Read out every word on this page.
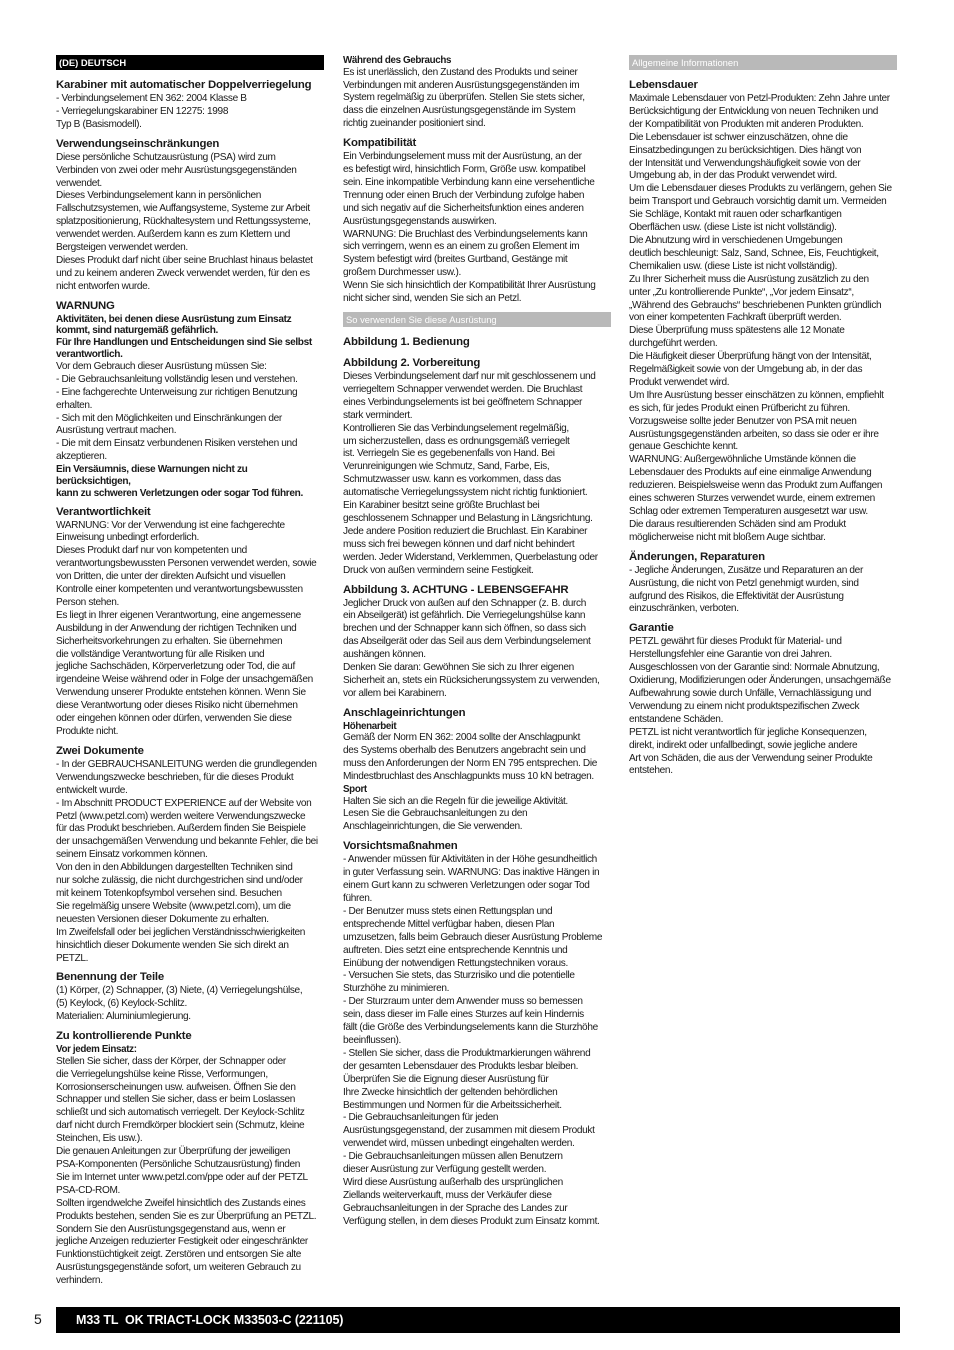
(DE) DEUTSCH
Karabiner mit automatischer Doppelverriegelung
- Verbindungselement EN 362: 2004 Klasse B
- Verriegelungskarabiner EN 12275: 1998
Typ B (Basismodell).
Verwendungseinschränkungen
Diese persönliche Schutzausrüstung (PSA) wird zum
Verbinden von zwei oder mehr Ausrüstungsgegenständen
verwendet.
Dieses Verbindungselement kann in persönlichen
Fallschutzsystemen, wie Auffangsysteme, Systeme zur Arbeit
splatzpositionierung, Rückhaltesystem und Rettungssysteme,
verwendet werden. Außerdem kann es zum Klettern und
Bergsteigen verwendet werden.
Dieses Produkt darf nicht über seine Bruchlast hinaus belastet
und zu keinem anderen Zweck verwendet werden, für den es
nicht entworfen wurde.
WARNUNG
Aktivitäten, bei denen diese Ausrüstung zum Einsatz
kommt, sind naturgemäß gefährlich.
Für Ihre Handlungen und Entscheidungen sind Sie selbst
verantwortlich.
Vor dem Gebrauch dieser Ausrüstung müssen Sie:
- Die Gebrauchsanleitung vollständig lesen und verstehen.
- Eine fachgerechte Unterweisung zur richtigen Benutzung
erhalten.
- Sich mit den Möglichkeiten und Einschränkungen der
Ausrüstung vertraut machen.
- Die mit dem Einsatz verbundenen Risiken verstehen und
akzeptieren.
Ein Versäumnis, diese Warnungen nicht zu berücksichtigen,
kann zu schweren Verletzungen oder sogar Tod führen.
Verantwortlichkeit
WARNUNG: Vor der Verwendung ist eine fachgerechte
Einweisung unbedingt erforderlich.
Dieses Produkt darf nur von kompetenten und
verantwortungsbewussten Personen verwendet werden, sowie
von Dritten, die unter der direkten Aufsicht und visuellen
Kontrolle einer kompetenten und verantwortungsbewussten
Person stehen.
Es liegt in Ihrer eigenen Verantwortung, eine angemessene
Ausbildung in der Anwendung der richtigen Techniken und
Sicherheitsvorkehrungen zu erhalten. Sie übernehmen
die vollständige Verantwortung für alle Risiken und
jegliche Sachschäden, Körperverletzung oder Tod, die auf
irgendeine Weise während oder in Folge der unsachgemäßen
Verwendung unserer Produkte entstehen können. Wenn Sie
diese Verantwortung oder dieses Risiko nicht übernehmen
oder eingehen können oder dürfen, verwenden Sie diese
Produkte nicht.
Zwei Dokumente
- In der GEBRAUCHSANLEITUNG werden die grundlegenden
Verwendungszwecke beschrieben, für die dieses Produkt
entwickelt wurde.
- Im Abschnitt PRODUCT EXPERIENCE auf der Website von
Petzl (www.petzl.com) werden weitere Verwendungszwecke
für das Produkt beschrieben. Außerdem finden Sie Beispiele
der unsachgemäßen Verwendung und bekannte Fehler, die bei
seinem Einsatz vorkommen können.
Von den in den Abbildungen dargestellten Techniken sind
nur solche zulässig, die nicht durchgestrichen sind und/oder
mit keinem Totenkopfsymbol versehen sind. Besuchen
Sie regelmäßig unsere Website (www.petzl.com), um die
neuesten Versionen dieser Dokumente zu erhalten.
Im Zweifelsfall oder bei jeglichen Verständnisschwierigkeiten
hinsichtlich dieser Dokumente wenden Sie sich direkt an
PETZL.
Benennung der Teile
(1) Körper, (2) Schnapper, (3) Niete, (4) Verriegelungshülse,
(5) Keylock, (6) Keylock-Schlitz.
Materialien: Aluminiumlegierung.
Zu kontrollierende Punkte
Vor jedem Einsatz:
Stellen Sie sicher, dass der Körper, der Schnapper oder
die Verriegelungshülse keine Risse, Verformungen,
Korrosionserscheinungen usw. aufweisen. Öffnen Sie den
Schnapper und stellen Sie sicher, dass er beim Loslassen
schließt und sich automatisch verriegelt. Der Keylock-Schlitz
darf nicht durch Fremdkörper blockiert sein (Schmutz, kleine
Steinchen, Eis usw.).
Die genauen Anleitungen zur Überprüfung der jeweiligen
PSA-Komponenten (Persönliche Schutzausrüstung) finden
Sie im Internet unter www.petzl.com/ppe oder auf der PETZL
PSA-CD-ROM.
Sollten irgendwelche Zweifel hinsichtlich des Zustands eines
Produkts bestehen, senden Sie es zur Überprüfung an PETZL.
Sondern Sie den Ausrüstungsgegenstand aus, wenn er
jegliche Anzeigen reduzierter Festigkeit oder eingeschränkter
Funktionstüchtigkeit zeigt. Zerstören und entsorgen Sie alte
Ausrüstungsgegenstände sofort, um weiteren Gebrauch zu
verhindern.
Während des Gebrauchs
Es ist unerlässlich, den Zustand des Produkts und seiner
Verbindungen mit anderen Ausrüstungsgegenständen im
System regelmäßig zu überprüfen. Stellen Sie stets sicher,
dass die einzelnen Ausrüstungsgegenstände im System
richtig zueinander positioniert sind.
Kompatibilität
Ein Verbindungselement muss mit der Ausrüstung, an der
es befestigt wird, hinsichtlich Form, Größe usw. kompatibel
sein. Eine inkompatible Verbindung kann eine versehentliche
Trennung oder einen Bruch der Verbindung zufolge haben
und sich negativ auf die Sicherheitsfunktion eines anderen
Ausrüstungsgegenstands auswirken.
WARNUNG: Die Bruchlast des Verbindungselements kann
sich verringern, wenn es an einem zu großen Element im
System befestigt wird (breites Gurtband, Gestänge mit
großem Durchmesser usw.).
Wenn Sie sich hinsichtlich der Kompatibilität Ihrer Ausrüstung
nicht sicher sind, wenden Sie sich an Petzl.
So verwenden Sie diese Ausrüstung
Abbildung 1. Bedienung
Abbildung 2. Vorbereitung
Dieses Verbindungselement darf nur mit geschlossenem und
verriegeltem Schnapper verwendet werden. Die Bruchlast
eines Verbindungselements ist bei geöffnetem Schnapper
stark vermindert.
Kontrollieren Sie das Verbindungselement regelmäßig,
um sicherzustellen, dass es ordnungsgemäß verriegelt
ist. Verriegeln Sie es gegebenenfalls von Hand. Bei
Verunreinigungen wie Schmutz, Sand, Farbe, Eis,
Schmutzwasser usw. kann es vorkommen, dass das
automatische Verriegelungssystem nicht richtig funktioniert.
Ein Karabiner besitzt seine größte Bruchlast bei
geschlossenem Schnapper und Belastung in Längsrichtung.
Jede andere Position reduziert die Bruchlast. Ein Karabiner
muss sich frei bewegen können und darf nicht behindert
werden. Jeder Widerstand, Verklemmen, Querbelastung oder
Druck von außen vermindern seine Festigkeit.
Abbildung 3. ACHTUNG - LEBENSGEFAHR
Jeglicher Druck von außen auf den Schnapper (z. B. durch
ein Abseilgerät) ist gefährlich. Die Verriegelungshülse kann
brechen und der Schnapper kann sich öffnen, so dass sich
das Abseilgerät oder das Seil aus dem Verbindungselement
aushängen können.
Denken Sie daran: Gewöhnen Sie sich zu Ihrer eigenen
Sicherheit an, stets ein Rücksicherungssystem zu verwenden,
vor allem bei Karabinern.
Anschlageinrichtungen
Höhenarbeit
Gemäß der Norm EN 362: 2004 sollte der Anschlagpunkt
des Systems oberhalb des Benutzers angebracht sein und
muss den Anforderungen der Norm EN 795 entsprechen. Die
Mindestbruchlast des Anschlagpunkts muss 10 kN betragen.
Sport
Halten Sie sich an die Regeln für die jeweilige Aktivität.
Lesen Sie die Gebrauchsanleitungen zu den
Anschlageinrichtungen, die Sie verwenden.
Vorsichtsmaßnahmen
- Anwender müssen für Aktivitäten in der Höhe gesundheitlich
in guter Verfassung sein. WARNUNG: Das inaktive Hängen in
einem Gurt kann zu schweren Verletzungen oder sogar Tod
führen.
- Der Benutzer muss stets einen Rettungsplan und
entsprechende Mittel verfügbar haben, diesen Plan
umzusetzen, falls beim Gebrauch dieser Ausrüstung Probleme
auftreten. Dies setzt eine entsprechende Kenntnis und
Einübung der notwendigen Rettungstechniken voraus.
- Versuchen Sie stets, das Sturzrisiko und die potentielle
Sturzhöhe zu minimieren.
- Der Sturzraum unter dem Anwender muss so bemessen
sein, dass dieser im Falle eines Sturzes auf kein Hindernis
fällt (die Größe des Verbindungselements kann die Sturzhöhe
beeinflussen).
- Stellen Sie sicher, dass die Produktmarkierungen während
der gesamten Lebensdauer des Produkts lesbar bleiben.
Überprüfen Sie die Eignung dieser Ausrüstung für
Ihre Zwecke hinsichtlich der geltenden behördlichen
Bestimmungen und Normen für die Arbeitssicherheit.
- Die Gebrauchsanleitungen für jeden
Ausrüstungsgegenstand, der zusammen mit diesem Produkt
verwendet wird, müssen unbedingt eingehalten werden.
- Die Gebrauchsanleitungen müssen allen Benutzern
dieser Ausrüstung zur Verfügung gestellt werden.
Wird diese Ausrüstung außerhalb des ursprünglichen
Ziellands weiterverkauft, muss der Verkäufer diese
Gebrauchsanleitungen in der Sprache des Landes zur
Verfügung stellen, in dem dieses Produkt zum Einsatz kommt.
Allgemeine Informationen
Lebensdauer
Maximale Lebensdauer von Petzl-Produkten: Zehn Jahre unter
Berücksichtigung der Entwicklung von neuen Techniken und
der Kompatibilität von Produkten mit anderen Produkten.
Die Lebensdauer ist schwer einzuschätzen, ohne die
Einsatzbedingungen zu berücksichtigen. Dies hängt von
der Intensität und Verwendungshäufigkeit sowie von der
Umgebung ab, in der das Produkt verwendet wird.
Um die Lebensdauer dieses Produkts zu verlängern, gehen Sie
beim Transport und Gebrauch vorsichtig damit um. Vermeiden
Sie Schläge, Kontakt mit rauen oder scharfkantigen
Oberflächen usw. (diese Liste ist nicht vollständig).
Die Abnutzung wird in verschiedenen Umgebungen
deutlich beschleunigt: Salz, Sand, Schnee, Eis, Feuchtigkeit,
Chemikalien usw. (diese Liste ist nicht vollständig).
Zu Ihrer Sicherheit muss die Ausrüstung zusätzlich zu den
unter „Zu kontrollierende Punkte“, „Vor jedem Einsatz“,
„Während des Gebrauchs“ beschriebenen Punkten gründlich
von einer kompetenten Fachkraft überprüft werden.
Diese Überprüfung muss spätestens alle 12 Monate
durchgeführt werden.
Die Häufigkeit dieser Überprüfung hängt von der Intensität,
Regelmäßigkeit sowie von der Umgebung ab, in der das
Produkt verwendet wird.
Um Ihre Ausrüstung besser einschätzen zu können, empfiehlt
es sich, für jedes Produkt einen Prüfbericht zu führen.
Vorzugsweise sollte jeder Benutzer von PSA mit neuen
Ausrüstungsgegenständen arbeiten, so dass sie oder er ihre
genaue Geschichte kennt.
WARNUNG: Außergewöhnliche Umstände können die
Lebensdauer des Produkts auf eine einmalige Anwendung
reduzieren. Beispielsweise wenn das Produkt zum Auffangen
eines schweren Sturzes verwendet wurde, einem extremen
Schlag oder extremen Temperaturen ausgesetzt war usw.
Die daraus resultierenden Schäden sind am Produkt
möglicherweise nicht mit bloßem Auge sichtbar.
Änderungen, Reparaturen
- Jegliche Änderungen, Zusätze und Reparaturen an der
Ausrüstung, die nicht von Petzl genehmigt wurden, sind
aufgrund des Risikos, die Effektivität der Ausrüstung
einzuschränken, verboten.
Garantie
PETZL gewährt für dieses Produkt für Material- und
Herstellungsfehler eine Garantie von drei Jahren.
Ausgeschlossen von der Garantie sind: Normale Abnutzung,
Oxidierung, Modifizierungen oder Änderungen, unsachgemäße
Aufbewahrung sowie durch Unfälle, Vernachlässigung und
Verwendung zu einem nicht produktspezifischen Zweck
entstandene Schäden.
PETZL ist nicht verantwortlich für jegliche Konsequenzen,
direkt, indirekt oder unfallbedingt, sowie jegliche andere
Art von Schäden, die aus der Verwendung seiner Produkte
entstehen.
5	M33 TL  OK TRIACT-LOCK M33503-C (221105)
